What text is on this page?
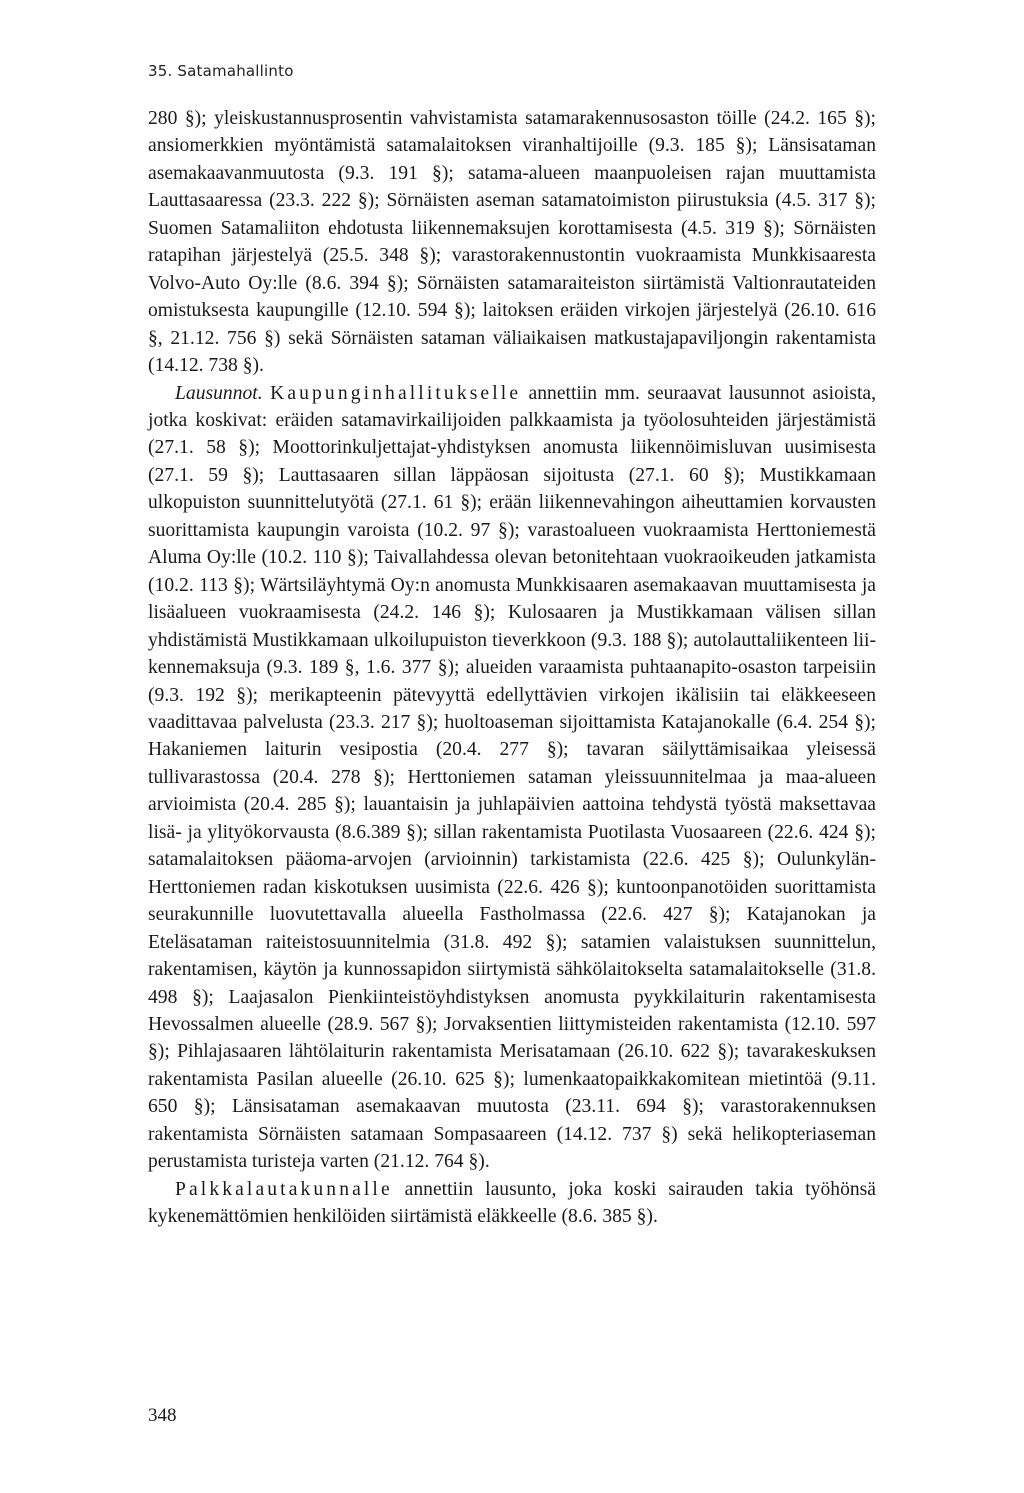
35. Satamahallinto

280 §); yleiskustannusprosentin vahvistamista satamarakennusosaston töille (24.2. 165 §); ansiomerkkien myöntämistä satamalaitoksen viranhaltijoille (9.3. 185 §); Länsisataman asemakaavanmuutosta (9.3. 191 §); satama-alueen maanpuoleisen rajan muuttamista Lauttasaaressa (23.3. 222 §); Sörnäisten aseman satamatoimiston piirustuksia (4.5. 317 §); Suomen Satamaliiton ehdotusta liikennemaksujen korottamisesta (4.5. 319 §); Sörnäisten ratapihan järjestelyä (25.5. 348 §); varastorakennustontin vuokraamista Munkkisaaresta Volvo-Auto Oy:lle (8.6. 394 §); Sörnäisten satamaraiteiston siirtämistä Valtionrautateiden omistuksesta kaupungille (12.10. 594 §); laitoksen eräiden virkojen järjestelyä (26.10. 616 §, 21.12. 756 §) sekä Sörnäisten sataman väliaikaisen matkustajapaviljongin rakentamista (14.12. 738 §).

Lausunnot. Kaupunginhallitukselle annettiin mm. seuraavat lausunnot asioista, jotka koskivat: eräiden satamavirkailijoiden palkkaamista ja työolosuhteiden järjestämistä (27.1. 58 §); Moottorinkuljettajat-yhdistyksen anomusta liikennöimisluvan uusimisesta (27.1. 59 §); Lauttasaaren sillan läppäosan sijoitusta (27.1. 60 §); Mustikkamaan ulkopuiston suunnittelutyötä (27.1. 61 §); erään liikennevahingon aiheuttamien korvausten suorittamista kaupungin varoista (10.2. 97 §); varastoalueen vuokraamista Herttoniemestä Aluma Oy:lle (10.2. 110 §); Taivallahdessa olevan betonitehtaan vuokraoikeuden jatkamista (10.2. 113 §); Wärtsiläyhtymä Oy:n anomusta Munkkisaaren asemakaavan muuttamisesta ja lisäalueen vuokraamisesta (24.2. 146 §); Kulosaaren ja Mustikkamaan välisen sillan yhdistämistä Mustikkamaan ulkoilupuiston tieverkkoon (9.3. 188 §); autolauttaliikenteen liikennemaksuja (9.3. 189 §, 1.6. 377 §); alueiden varaamista puhtaanapito-osaston tarpeisiin (9.3. 192 §); merikapteenin pätevyyttä edellyttävien virkojen ikälisiin tai eläkkeeseen vaadittavaa palvelusta (23.3. 217 §); huoltoaseman sijoittamista Katajanokalle (6.4. 254 §); Hakaniemen laiturin vesipostia (20.4. 277 §); tavaran säilyttämisaikaa yleisessä tullivarastossa (20.4. 278 §); Herttoniemen sataman yleissuunnitelmaa ja maa-alueen arvioimista (20.4. 285 §); lauantaisin ja juhlapäivien aattoina tehdystä työstä maksettavaa lisä- ja ylityökorvausta (8.6.389 §); sillan rakentamista Puotilasta Vuosaareen (22.6. 424 §); satamalaitoksen pääoma-arvojen (arvioinnin) tarkistamista (22.6. 425 §); Oulunkylän-Herttoniemen radan kiskotuksen uusimista (22.6. 426 §); kuntoonpanotöiden suorittamista seurakunnille luovutettavalla alueella Fastholmassa (22.6. 427 §); Katajanokan ja Eteläsataman raiteistosuunnitelmia (31.8. 492 §); satamien valaistuksen suunnittelun, rakentamisen, käytön ja kunnossapidon siirtymistä sähkölaitokselta satamalaitokselle (31.8. 498 §); Laajasalon Pienkiinteistöyhdistyksen anomusta pyykkilaiturin rakentamisesta Hevossalmen alueelle (28.9. 567 §); Jorvaksentien liittymisteiden rakentamista (12.10. 597 §); Pihlajasaaren lähtölaiturin rakentamista Merisatamaan (26.10. 622 §); tavarakeskuksen rakentamista Pasilan alueelle (26.10. 625 §); lumenkaatopaikkakomitean mietintöä (9.11. 650 §); Länsisataman asemakaavan muutosta (23.11. 694 §); varastorakennuksen rakentamista Sörnäisten satamaan Sompasaareen (14.12. 737 §) sekä helikopteriaseman perustamista turisteja varten (21.12. 764 §).

Palkkalautakunnalle annettiin lausunto, joka koski sairauden takia työhönsä kykenemättömien henkilöiden siirtämistä eläkkeelle (8.6. 385 §).

348
